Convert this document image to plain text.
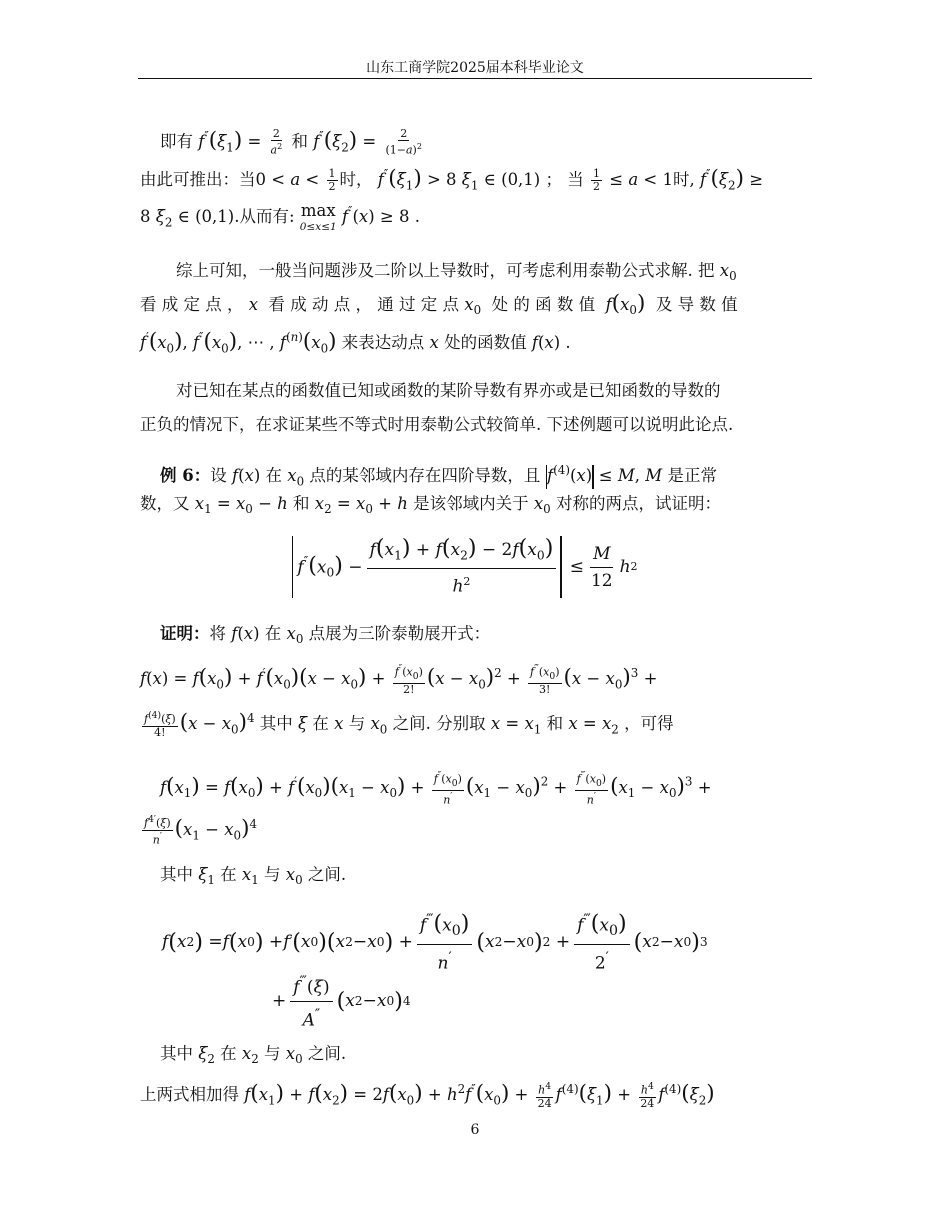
山东工商学院2025届本科毕业论文
即有 $f''(\xi_1) = \frac{2}{a^2}$ 和 $f''(\xi_2) = \frac{2}{(1-a)^2}$
由此可推出：当$0 < a < \frac{1}{2}$ 时， $f''(\xi_1) > 8$ $\xi_1$ ∈ (0,1) ； 当 $\frac{1}{2} \le a < 1$时, $f''(\xi_2)$ ≥
8 $\xi_2$ ∈ (0,1).从而有: max
0≤x≤1
f″(x) ≥ 8 .
综上可知，一般当问题涉及二阶以上导数时，可考虑利用泰勒公式求解. 把 $x_0$
看 成 定 点 ， x 看 成 动 点 ， 通 过 定 点 $x_0$ 处 的 函 数 值 $f(x_0)$ 及 导 数 值
$f'(x_0)$, $f''(x_0)$, ⋯ , $f^{(n)}(x_0)$ 来表达动点 x 处的函数值 f(x) .
对已知在某点的函数值已知或函数的某阶导数有界亦或是已知函数的导数的
正负的情况下，在求证某些不等式时用泰勒公式较简单. 下述例题可以说明此论点.
例 6：设 f(x) 在 $x_0$ 点的某邻域内存在四阶导数，且 $f^{(4)}(x) \le M$, M 是正常
数，又 $x_1 = x_0 - h$ 和 $x_2 = x_0 + h$ 是该邻域内关于 $x_0$ 对称的两点，试证明：
$f''(x_0) - \frac{f(x_1) + f(x_2) - 2f(x_0)}{h^2} \le \frac{M}{12}$ h 2
证明：将 f(x) 在 $x_0$ 点展为三阶泰勒展开式：
$f(x) = f(x_0) + f'(x_0)(x - x_0) + \frac{f''(x_0)}{2!} (x - x_0)^2 + \frac{f^‴(x_0)}{3!} (x - x_0)^3$ +
$\frac{f^{(4)}(\xi)}{4!} (x - x_0)^4$ 其中 ξ 在 x 与 $x_0$ 之间. 分别取 $x = x_1$ 和 $x = x_2$ ，可得
$f(x_1) = f(x_0) + f'(x_0)(x_1 - x_0) + \frac{f''(x_0)}{n'} (x_1 - x_0)^2 + \frac{f^‴(x_0)}{n'} (x_1 - x_0)^3$ +
$\frac{f^{4'}(\xi)}{n'} (x_1 - x_0)^4$
其中 $\xi_1$ 在 $x_1$ 与 $x_0$ 之间.
f ( x 2 ) = f ( x 0 ) + f ′ ( x 0 ) ( x 2 − x 0 ) + $\frac{f^‴(x_0)}{n'}$ ( x 2 − x 0 ) $2 + \frac{f^‴(x_0)}{2'}$ ( x 2 − x 0 ) 3
+ $\frac{f^‴(\xi)}{A''}$ ( x 2 − x 0 ) 4
其中 $\xi_2$ 在 $x_2$ 与 $x_0$ 之间.
上两式相加得 $f(x_1) + f(x_2) = 2f(x_0) + h^2f''(x_0) + \frac{h^4}{24} f^{(4)}(\xi_1) + \frac{h^4}{24} f^{(4)}(\xi_2)$
6
